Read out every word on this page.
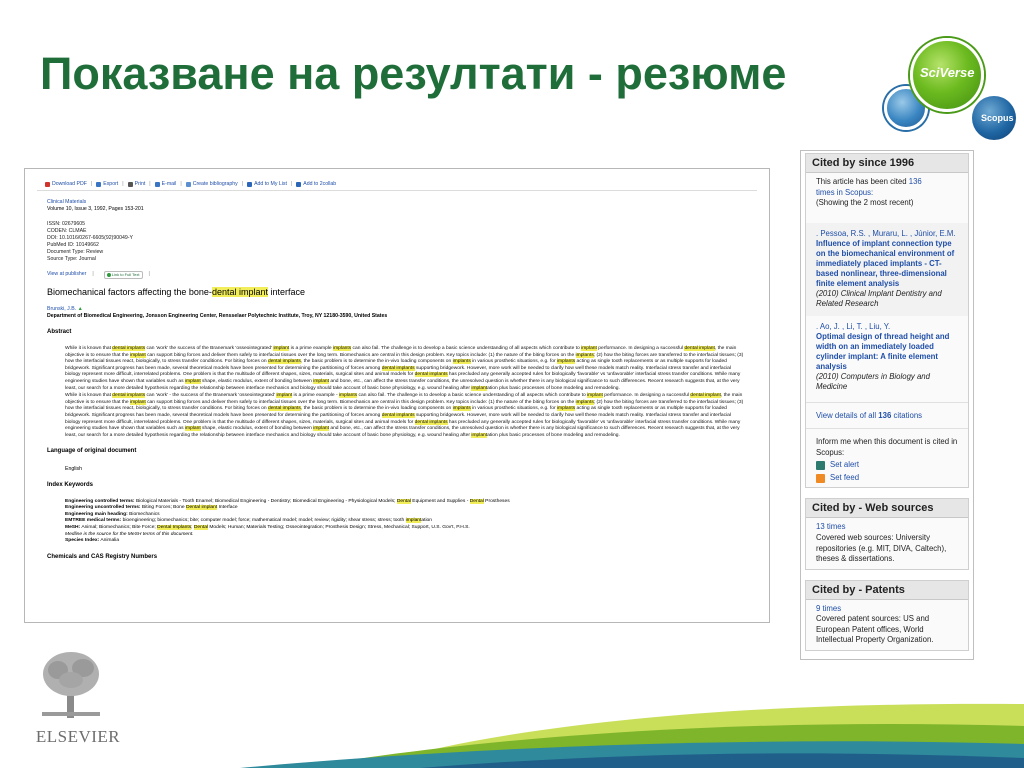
Показване на резултати - резюме	SciVerse
Scopus
Download PDF | Export | Print | E-mail | Create bibliography | Add to My List | Add to 2collab
Clinical Materials
Volume 10, Issue 3, 1992, Pages 153-201
ISSN: 02679605
CODEN: CLMAE
DOI: 10.1016/0267-6605(92)90049-Y
PubMed ID: 10149662
Document Type: Review
Source Type: Journal
View at publisher |	Link to Full Text |
Biomechanical factors affecting the bone-dental implant interface
Brunski, J.B. ▲
Department of Biomedical Engineering, Jonsson Engineering Center, Rensselaer Polytechnic Institute, Troy, NY 12180-3590, United States
Abstract

While it is known that dental implants can 'work' the success of the Branemark 'osseointegrated' implant is a prime example implants can also fail. The challenge is to develop a basic science understanding of all aspects which contribute to implant performance. In designing a successful dental implant, the main objective is to ensure that the implant can support biting forces and deliver them safely to interfacial tissues over the long term. Biomechanics are central in this design problem. Key topics include: (1) the nature of the biting forces on the implants; (2) how the biting forces are transferred to the interfacial tissues; (3) how the interfacial tissues react, biologically, to stress transfer conditions. For biting forces on dental implants, the basic problem is to determine the in-vivo loading components on implants in various prosthetic situations, e.g. for implants acting as single tooth replacements or as multiple supports for loaded bridgework. Significant progress has been made, several theoretical models have been presented for determining the partitioning of forces among dental implants supporting bridgework. However, more work will be needed to clarify how well these models match reality. Interfacial stress transfer and interfacial biology represent more difficult, interrelated problems. One problem is that the multitude of different shapes, sizes, materials, surgical sites and animal models for dental implants has precluded any generally accepted rules for biologically 'favorable' vs 'unfavorable' interfacial stress transfer conditions. While many engineering studies have shown that variables such as implant shape, elastic modulus, extent of bonding between implant and bone, etc., can affect the stress transfer conditions, the unresolved question is whether there is any biological significance to such differences. Recent research suggests that, at the very least, our search for a more detailed hypothesis regarding the relationship between interface mechanics and biology should take account of basic bone physiology, e.g. wound healing after implantation plus basic processes of bone modeling and remodeling.

While it is known that dental implants can 'work' - the success of the Branemark 'osseointegrated' implant is a prime example - implants can also fail. The challenge is to develop a basic science understanding of all aspects which contribute to implant performance. In designing a successful dental implant, the main objective is to ensure that the implant can support biting forces and deliver them safely to interfacial tissues over the long term. Biomechanics are central in this design problem. Key topics include: (1) the nature of the biting forces on the implants; (2) how the biting forces are transferred to the interfacial tissues; (3) how the interfacial tissues react, biologically, to stress transfer conditions. For biting forces on dental implants, the basic problem is to determine the in-vivo loading components on implants in various prosthetic situations, e.g. for implants acting as single tooth replacements or as multiple supports for loaded bridgework. Significant progress has been made, several theoretical models have been presented for determining the partitioning of forces among dental implants supporting bridgework. However, more work will be needed to clarify how well these models match reality. Interfacial stress transfer and interfacial biology represent more difficult, interrelated problems. One problem is that the multitude of different shapes, sizes, materials, surgical sites and animal models for dental implants has precluded any generally accepted rules for biologically 'favorable' vs 'unfavorable' interfacial stress transfer conditions. While many engineering studies have shown that variables such as implant shape, elastic modulus, extent of bonding between implant and bone, etc., can affect the stress transfer conditions, the unresolved question is whether there is any biological significance to such differences. Recent research suggests that, at the very least, our search for a more detailed hypothesis regarding the relationship between interface mechanics and biology should take account of basic bone physiology, e.g. wound healing after implantation plus basic processes of bone modeling and remodeling.

Language of original document
English
Index Keywords
Engineering controlled terms: Biological Materials - Tooth Enamel; Biomedical Engineering - Dentistry; Biomedical Engineering - Physiological Models; Dental Equipment and Supplies - Dental Prostheses
Engineering uncontrolled terms: Biting Forces; Bone Dental implant Interface
Engineering main heading: Biomechanics
EMTREE medical terms: bioengineering; biomechanics; bite; computer model; force; mathematical model; model; review; rigidity; shear stress; stress; tooth implantation
MeSH: Animal; Biomechanics; Bite Force; Dental Implants; Dental Models; Human; Materials Testing; Osseointegration; Prosthesis Design; Stress, Mechanical; Support, U.S. Gov't, P.H.S.
Medline is the source for the MeSH terms of this document.
Species Index: Animalia
Chemicals and CAS Registry Numbers
Cited by since 1996
This article has been cited 136
times in Scopus:
(Showing the 2 most recent)
. Pessoa, R.S. , Muraru, L. , Júnior, E.M.
Influence of implant connection type on the biomechanical environment of immediately placed implants - CT-based nonlinear, three-dimensional finite element analysis
(2010) Clinical Implant Dentistry and Related Research
. Ao, J. , Li, T. , Liu, Y.
Optimal design of thread height and width on an immediately loaded cylinder implant: A finite element analysis
(2010) Computers in Biology and Medicine
View details of all 136 citations
Inform me when this document is cited in Scopus:
Set alert
Set feed
Cited by - Web sources
13 times
Covered web sources: University repositories (e.g. MIT, DIVA, Caltech), theses & dissertations.
Cited by - Patents
9 times
Covered patent sources: US and European Patent offices, World Intellectual Property Organization.
ELSEVIER
